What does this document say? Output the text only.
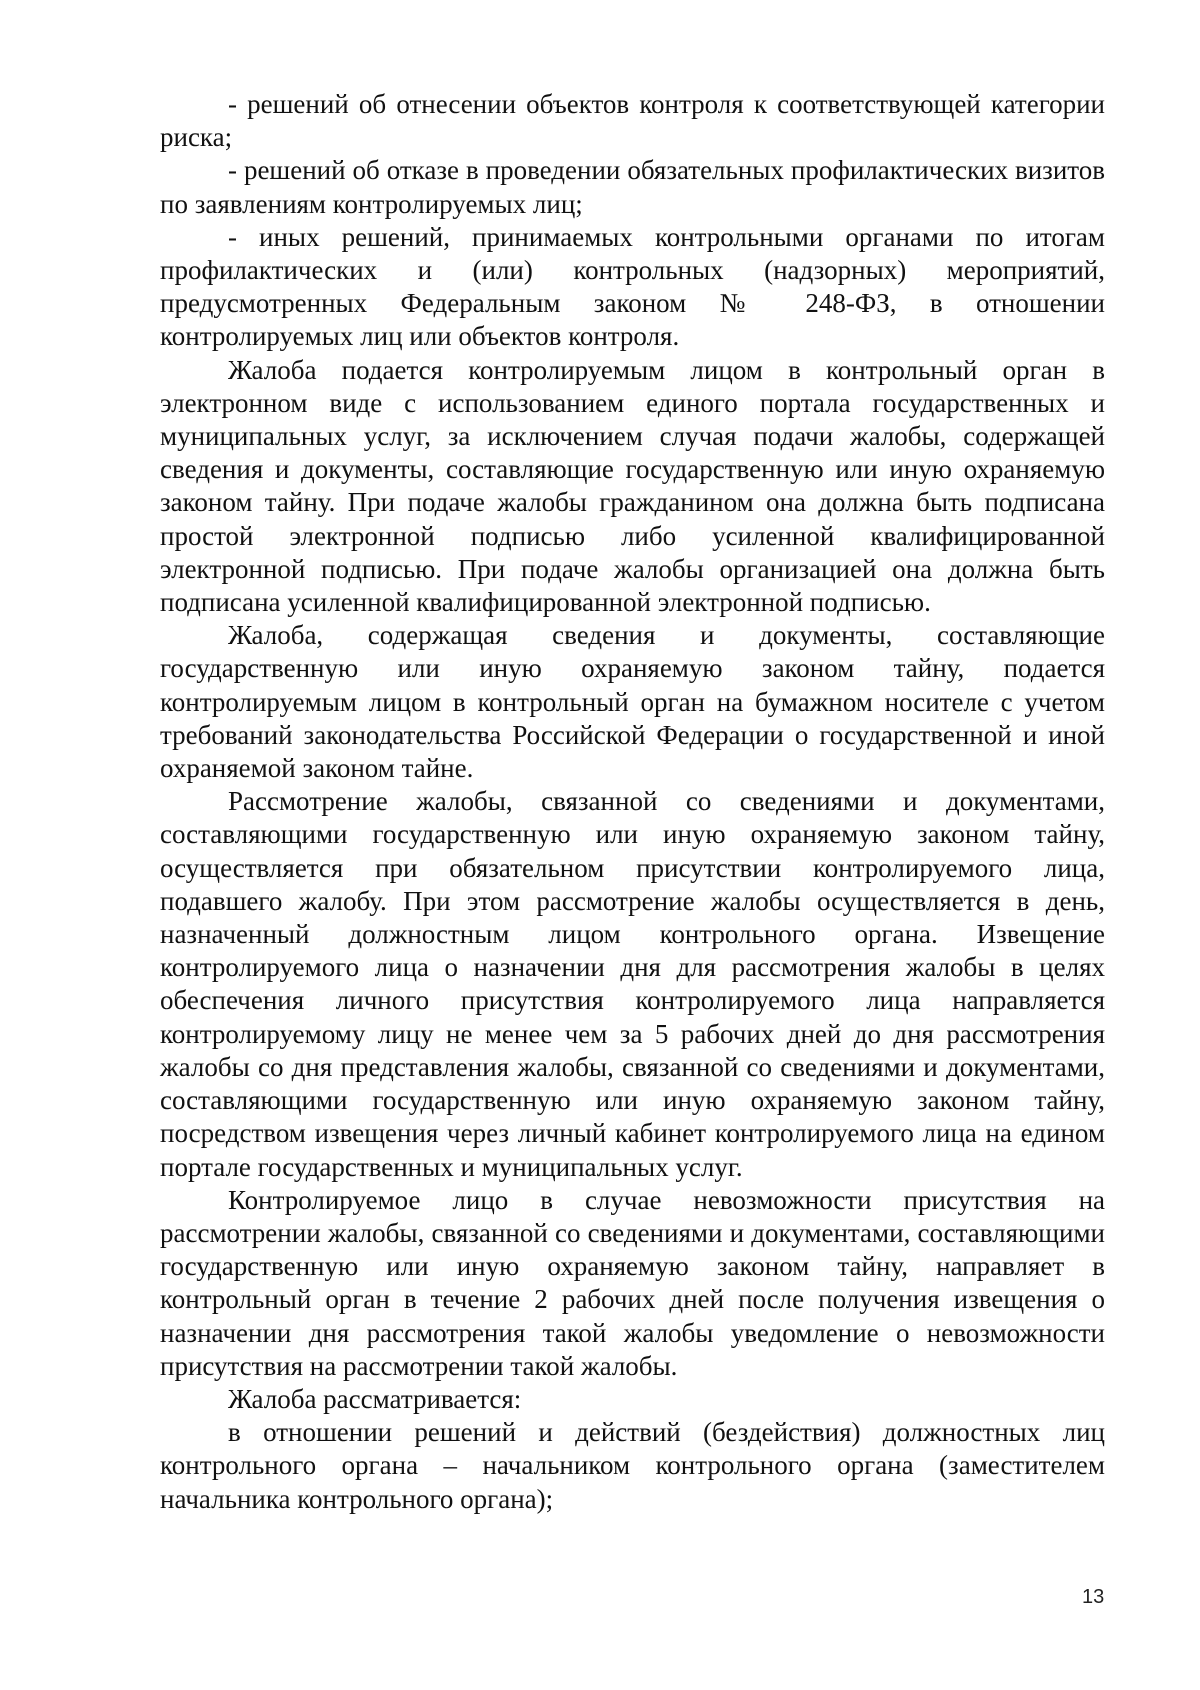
- решений об отнесении объектов контроля к соответствующей категории риска;

- решений об отказе в проведении обязательных профилактических визитов по заявлениям контролируемых лиц;

- иных решений, принимаемых контрольными органами по итогам профилактических и (или) контрольных (надзорных) мероприятий, предусмотренных Федеральным законом № 248-ФЗ, в отношении контролируемых лиц или объектов контроля.

Жалоба подается контролируемым лицом в контрольный орган в электронном виде с использованием единого портала государственных и муниципальных услуг, за исключением случая подачи жалобы, содержащей сведения и документы, составляющие государственную или иную охраняемую законом тайну. При подаче жалобы гражданином она должна быть подписана простой электронной подписью либо усиленной квалифицированной электронной подписью. При подаче жалобы организацией она должна быть подписана усиленной квалифицированной электронной подписью.

Жалоба, содержащая сведения и документы, составляющие государственную или иную охраняемую законом тайну, подается контролируемым лицом в контрольный орган на бумажном носителе с учетом требований законодательства Российской Федерации о государственной и иной охраняемой законом тайне.

Рассмотрение жалобы, связанной со сведениями и документами, составляющими государственную или иную охраняемую законом тайну, осуществляется при обязательном присутствии контролируемого лица, подавшего жалобу. При этом рассмотрение жалобы осуществляется в день, назначенный должностным лицом контрольного органа. Извещение контролируемого лица о назначении дня для рассмотрения жалобы в целях обеспечения личного присутствия контролируемого лица направляется контролируемому лицу не менее чем за 5 рабочих дней до дня рассмотрения жалобы со дня представления жалобы, связанной со сведениями и документами, составляющими государственную или иную охраняемую законом тайну, посредством извещения через личный кабинет контролируемого лица на едином портале государственных и муниципальных услуг.

Контролируемое лицо в случае невозможности присутствия на рассмотрении жалобы, связанной со сведениями и документами, составляющими государственную или иную охраняемую законом тайну, направляет в контрольный орган в течение 2 рабочих дней после получения извещения о назначении дня рассмотрения такой жалобы уведомление о невозможности присутствия на рассмотрении такой жалобы.

Жалоба рассматривается:

в отношении решений и действий (бездействия) должностных лиц контрольного органа – начальником контрольного органа (заместителем начальника контрольного органа);

13
